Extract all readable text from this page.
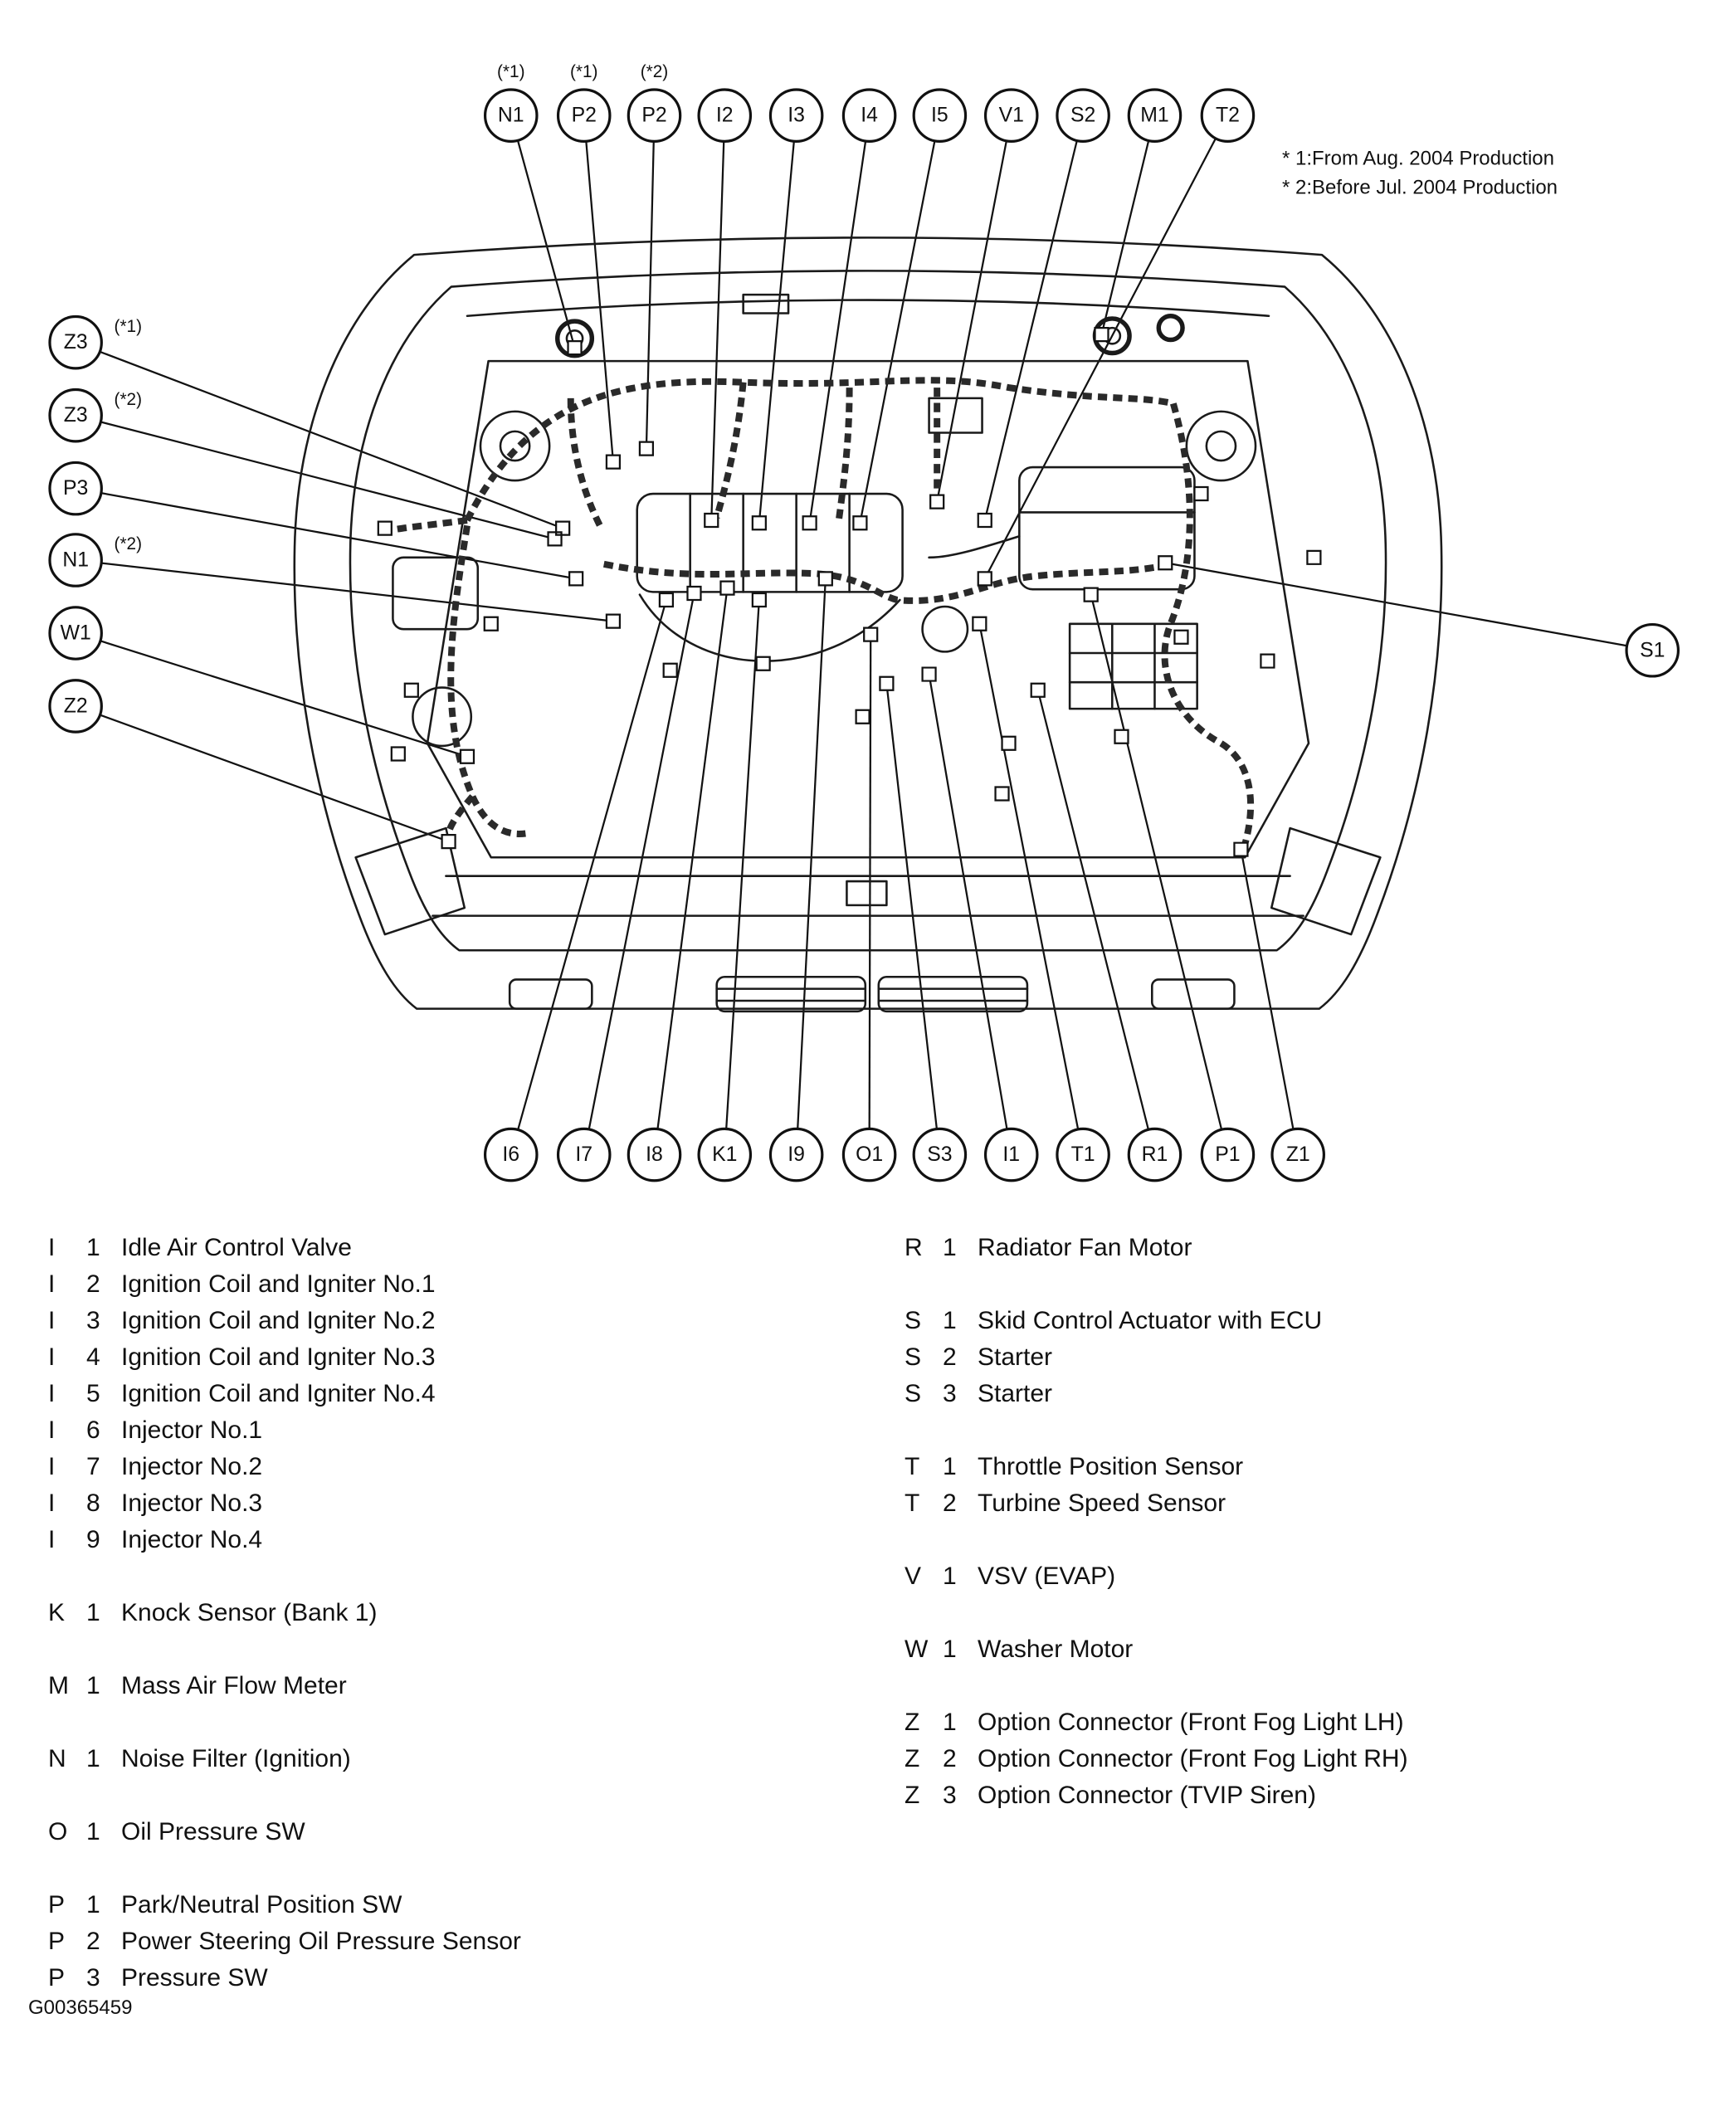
(*1)
N1
(*1)
P2
(*2)
P2	I2	I3	I4	I5	V1	S2	M1	T2
(*1)
Z3
(*2)
Z3
P3
(*2)
N1
W1
Z2
S1
I6	I7	I8	K1	I9	O1	S3	I1	T1	R1	P1	Z1
* 1:From Aug. 2004 Production
* 2:Before Jul. 2004 Production
I	1 Idle Air Control Valve
I	2 Ignition Coil and Igniter No.1
I	3 Ignition Coil and Igniter No.2
I	4 Ignition Coil and Igniter No.3
I	5 Ignition Coil and Igniter No.4
I	6 Injector No.1
I	7 Injector No.2
I	8 Injector No.3
I	9 Injector No.4
K 1 Knock Sensor (Bank 1)
M 1 Mass Air Flow Meter
N 1 Noise Filter (Ignition)
O 1 Oil Pressure SW
P 1 Park/Neutral Position SW
P 2 Power Steering Oil Pressure Sensor
P 3 Pressure SW
R 1 Radiator Fan Motor
S 1 Skid Control Actuator with ECU
S 2 Starter
S 3 Starter
T 1 Throttle Position Sensor
T 2 Turbine Speed Sensor
V 1 VSV (EVAP)
W 1 Washer Motor
Z 1 Option Connector (Front Fog Light LH)
Z 2 Option Connector (Front Fog Light RH)
Z 3 Option Connector (TVIP Siren)
G00365459
